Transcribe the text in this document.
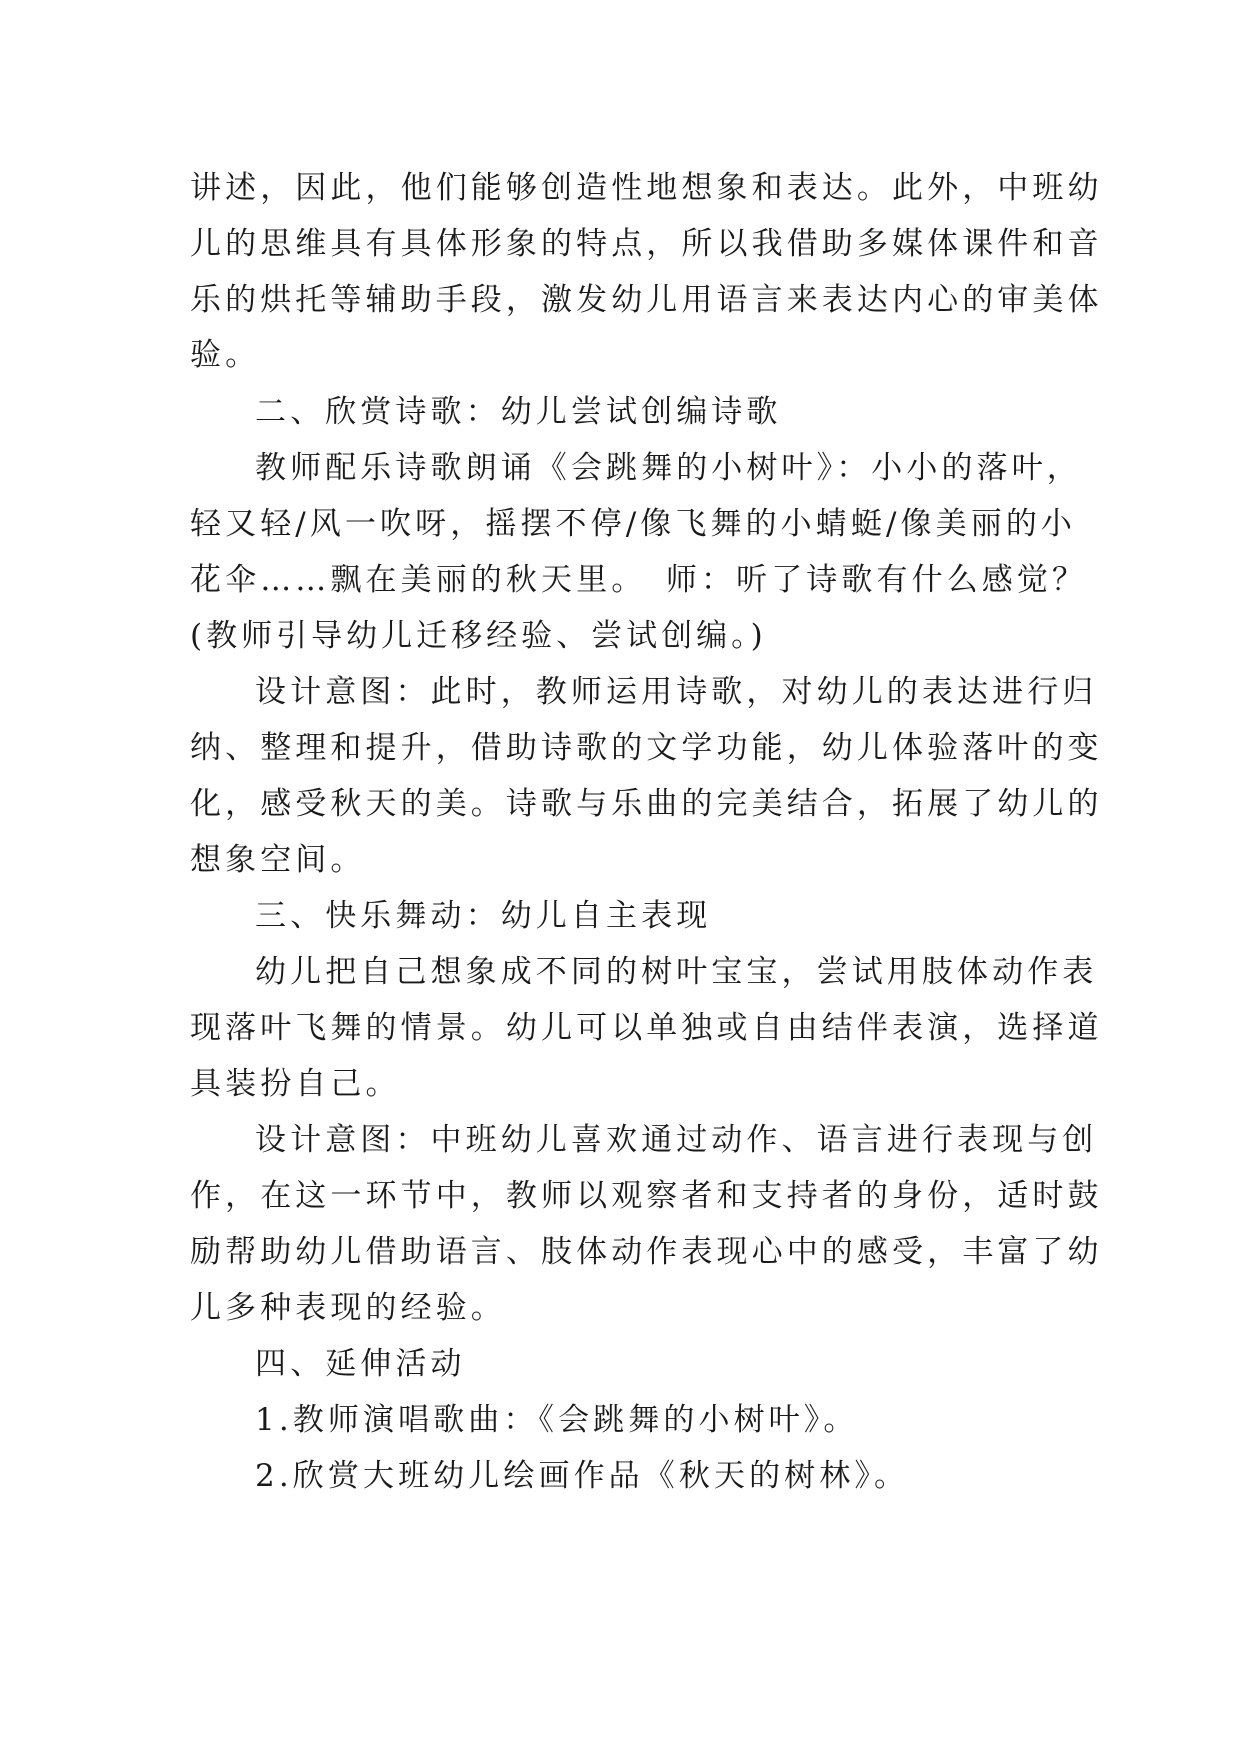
讲述，因此，他们能够创造性地想象和表达。此外，中班幼

儿的思维具有具体形象的特点，所以我借助多媒体课件和音

乐的烘托等辅助手段，激发幼儿用语言来表达内心的审美体

验。

二、欣赏诗歌：幼儿尝试创编诗歌

教师配乐诗歌朗诵《会跳舞的小树叶》：小小的落叶，

轻又轻/风一吹呀，摇摆不停/像飞舞的小蜻蜓/像美丽的小

花伞……飘在美丽的秋天里。　师：听了诗歌有什么感觉？

(教师引导幼儿迁移经验、尝试创编。)

设计意图：此时，教师运用诗歌，对幼儿的表达进行归

纳、整理和提升，借助诗歌的文学功能，幼儿体验落叶的变

化，感受秋天的美。诗歌与乐曲的完美结合，拓展了幼儿的

想象空间。

三、快乐舞动：幼儿自主表现

幼儿把自己想象成不同的树叶宝宝，尝试用肢体动作表

现落叶飞舞的情景。幼儿可以单独或自由结伴表演，选择道

具装扮自己。

设计意图：中班幼儿喜欢通过动作、语言进行表现与创

作，在这一环节中，教师以观察者和支持者的身份，适时鼓

励帮助幼儿借助语言、肢体动作表现心中的感受，丰富了幼

儿多种表现的经验。

四、延伸活动

1.教师演唱歌曲：《会跳舞的小树叶》。

2.欣赏大班幼儿绘画作品《秋天的树林》。
